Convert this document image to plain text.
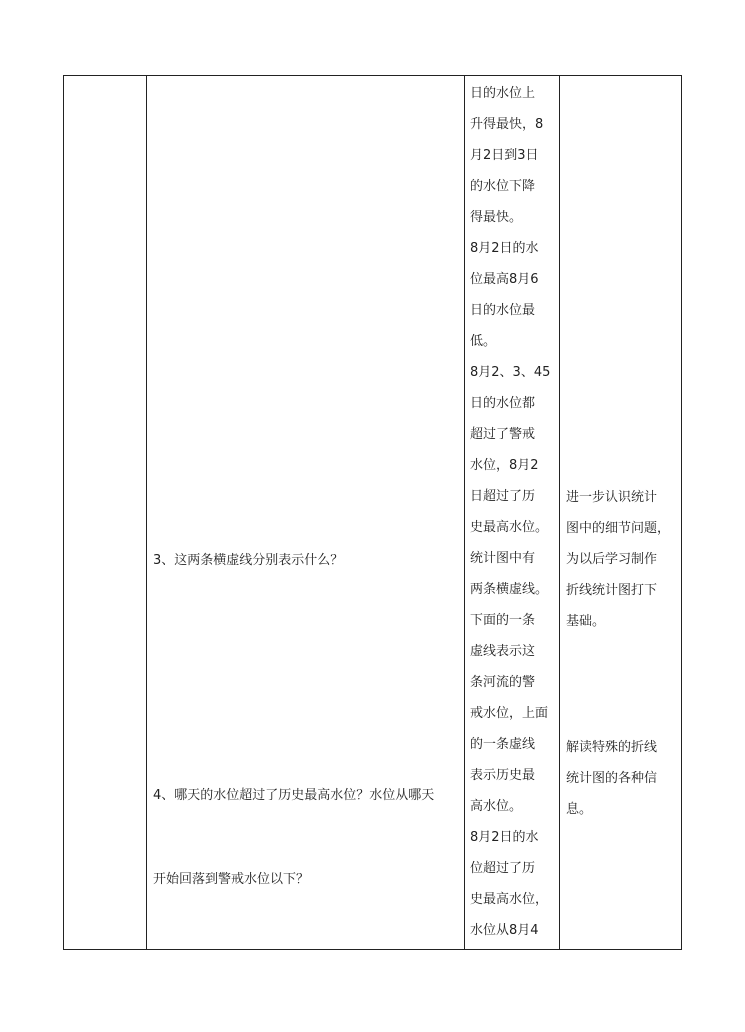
3、这两条横虚线分别表示什么？

4、哪天的水位超过了历史最高水位？水位从哪天

开始回落到警戒水位以下？

日的水位上

升得最快，8

月2日到3日

的水位下降

得最快。

8月2日的水

位最高8月6

日的水位最

低。

8月2、3、45

日的水位都

超过了警戒

水位，8月2

日超过了历

史最高水位。

统计图中有

两条横虚线。

下面的一条

虚线表示这

条河流的警

戒水位，上面

的一条虚线

表示历史最

高水位。

8月2日的水

位超过了历

史最高水位，

水位从8月4

进一步认识统计

图中的细节问题，

为以后学习制作

折线统计图打下

基础。

解读特殊的折线

统计图的各种信

息。
